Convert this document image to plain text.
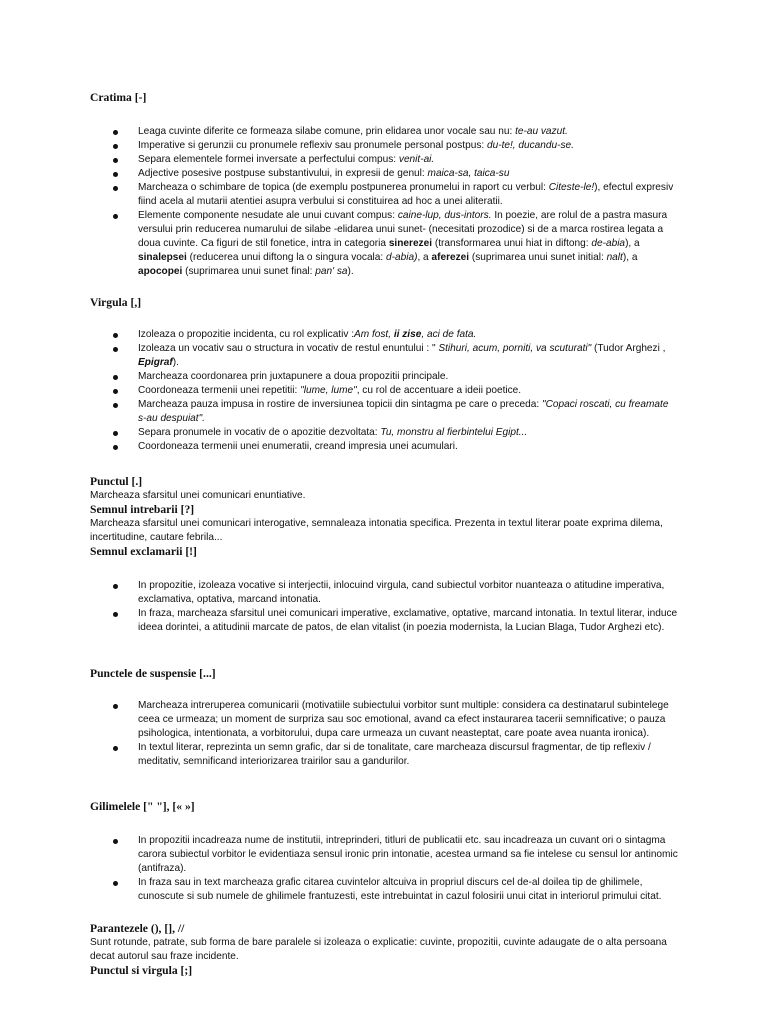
Cratima [-]
Leaga cuvinte diferite ce formeaza silabe comune, prin elidarea unor vocale sau nu: te-au vazut.
Imperative si gerunzii cu pronumele reflexiv sau pronumele personal postpus: du-te!, ducandu-se.
Separa elementele formei inversate a perfectului compus: venit-ai.
Adjective posesive postpuse substantivului, in expresii de genul: maica-sa, taica-su
Marcheaza o schimbare de topica (de exemplu postpunerea pronumelui in raport cu verbul: Citeste-le!), efectul expresiv fiind acela al mutarii atentiei asupra verbului si constituirea ad hoc a unei aliteratii.
Elemente componente nesudate ale unui cuvant compus: caine-lup, dus-intors. In poezie, are rolul de a pastra masura versului prin reducerea numarului de silabe -elidarea unui sunet- (necesitati prozodice) si de a marca rostirea legata a doua cuvinte. Ca figuri de stil fonetice, intra in categoria sinerezei (transformarea unui hiat in diftong: de-abia), a sinalepsei (reducerea unui diftong la o singura vocala: d-abia), a aferezei (suprimarea unui sunet initial: nalt), a apocopei (suprimarea unui sunet final: pan' sa).
Virgula [,]
Izoleaza o propozitie incidenta, cu rol explicativ :Am fost, ii zise, aci de fata.
Izoleaza un vocativ sau o structura in vocativ de restul enuntului : " Stihuri, acum, porniti, va scuturati" (Tudor Arghezi , Epigraf).
Marcheaza coordonarea prin juxtapunere a doua propozitii principale.
Coordoneaza termenii unei repetitii: "lume, lume", cu rol de accentuare a ideii poetice.
Marcheaza pauza impusa in rostire de inversiunea topicii din sintagma pe care o preceda: "Copaci roscati, cu freamate s-au despuiat".
Separa pronumele in vocativ de o apozitie dezvoltata: Tu, monstru al fierbintelui Egipt...
Coordoneaza termenii unei enumeratii, creand impresia unei acumulari.
Punctul [.]

Marcheaza sfarsitul unei comunicari enuntiative.

Semnul intrebarii [?]

Marcheaza sfarsitul unei comunicari interogative, semnaleaza intonatia specifica. Prezenta in textul literar poate exprima dilema, incertitudine, cautare febrila...

Semnul exclamarii [!]
In propozitie, izoleaza vocative si interjectii, inlocuind virgula, cand subiectul vorbitor nuanteaza o atitudine imperativa, exclamativa, optativa, marcand intonatia.
In fraza, marcheaza sfarsitul unei comunicari imperative, exclamative, optative, marcand intonatia. In textul literar, induce ideea dorintei, a atitudinii marcate de patos, de elan vitalist (in poezia modernista, la Lucian Blaga, Tudor Arghezi etc).
Punctele de suspensie [...]
Marcheaza intreruperea comunicarii (motivatiile subiectului vorbitor sunt multiple: considera ca destinatarul subintelege ceea ce urmeaza; un moment de surpriza sau soc emotional, avand ca efect instaurarea tacerii semnificative; o pauza psihologica, intentionata, a vorbitorului, dupa care urmeaza un cuvant neasteptat, care poate avea nuanta ironica).
In textul literar, reprezinta un semn grafic, dar si de tonalitate, care marcheaza discursul fragmentar, de tip reflexiv / meditativ, semnificand interiorizarea trairilor sau a gandurilor.
Gilimelele [" "], [« »]
In propozitii incadreaza nume de institutii, intreprinderi, titluri de publicatii etc. sau incadreaza un cuvant ori o sintagma carora subiectul vorbitor le evidentiaza sensul ironic prin intonatie, acestea urmand sa fie intelese cu sensul lor antinomic (antifraza).
In fraza sau in text marcheaza grafic citarea cuvintelor altcuiva in propriul discurs cel de-al doilea tip de ghilimele, cunoscute si sub numele de ghilimele frantuzesti, este intrebuintat in cazul folosirii unui citat in interiorul primului citat.
Parantezele (), [], //

Sunt rotunde, patrate, sub forma de bare paralele si izoleaza o explicatie: cuvinte, propozitii, cuvinte adaugate de o alta persoana decat autorul sau fraze incidente.

Punctul si virgula [;]
